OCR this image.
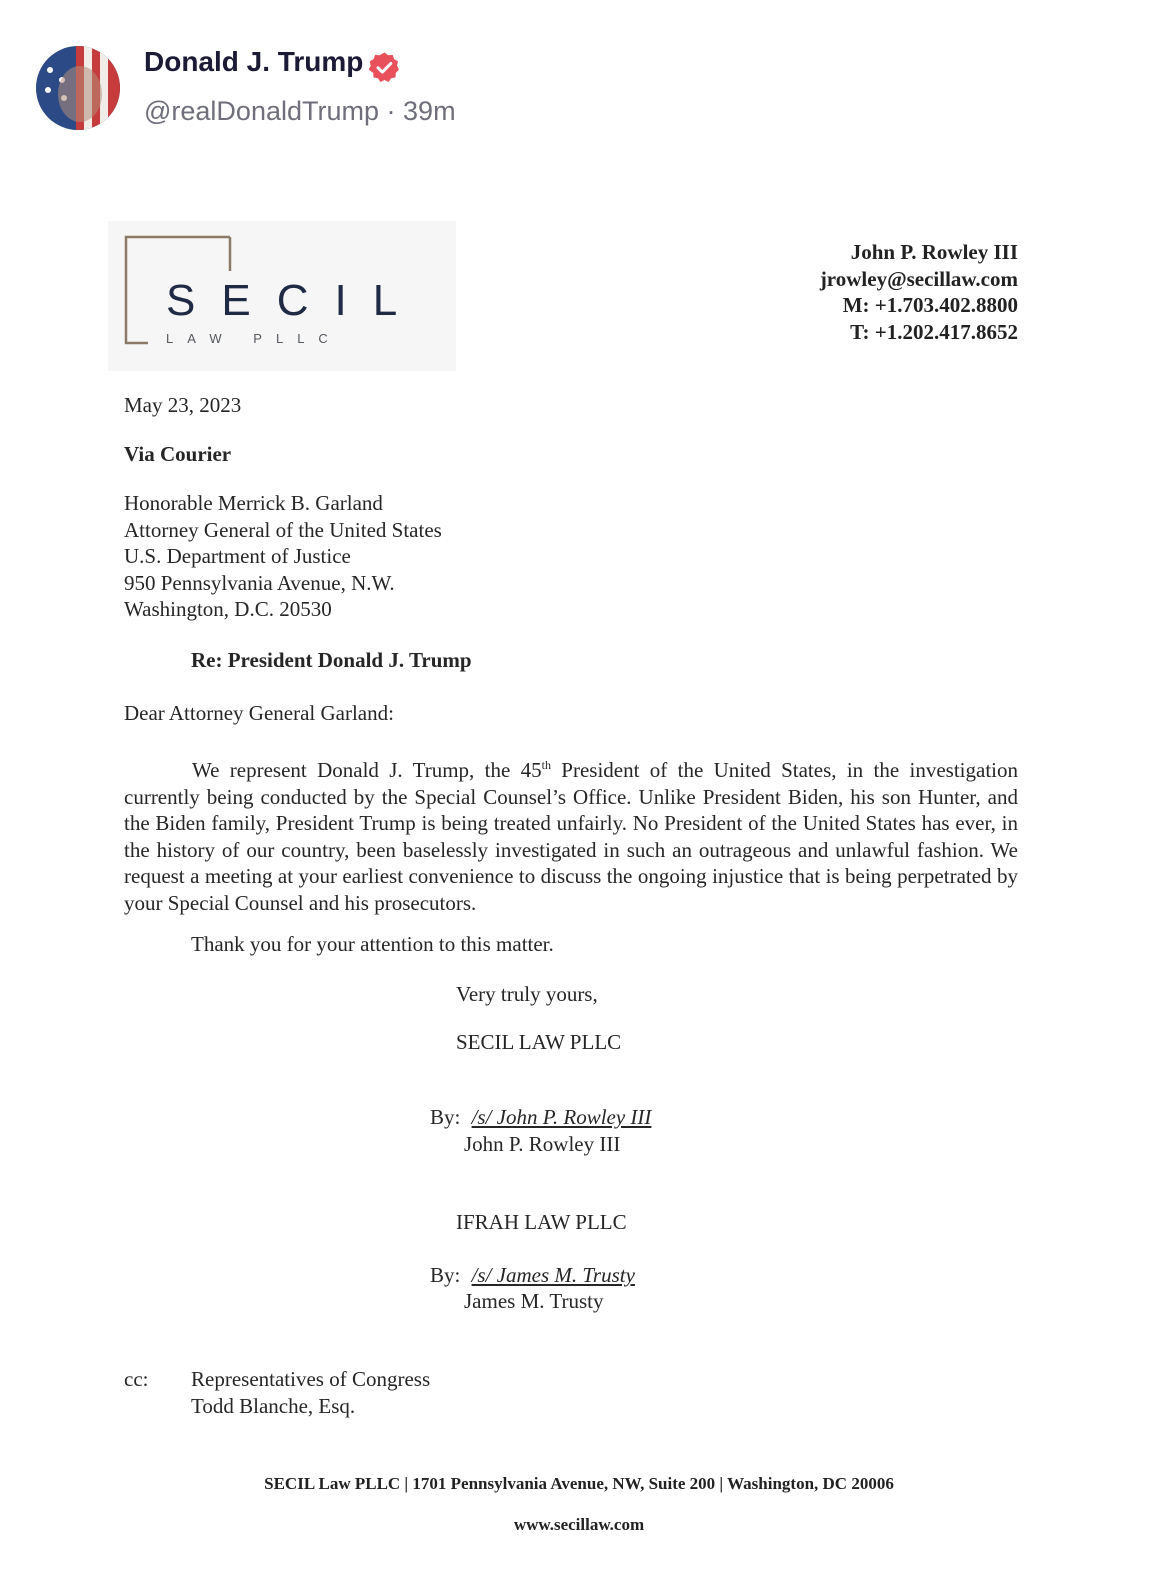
Donald J. Trump
@realDonaldTrump · 39m
SECIL
LAW PLLC
John P. Rowley III
jrowley@secillaw.com
M: +1.703.402.8800
T: +1.202.417.8652
May 23, 2023
Via Courier
Honorable Merrick B. Garland
Attorney General of the United States
U.S. Department of Justice
950 Pennsylvania Avenue, N.W.
Washington, D.C. 20530
Re: President Donald J. Trump
Dear Attorney General Garland:
We represent Donald J. Trump, the 45th President of the United States, in the investigation currently being conducted by the Special Counsel’s Office. Unlike President Biden, his son Hunter, and the Biden family, President Trump is being treated unfairly. No President of the United States has ever, in the history of our country, been baselessly investigated in such an outrageous and unlawful fashion. We request a meeting at your earliest convenience to discuss the ongoing injustice that is being perpetrated by your Special Counsel and his prosecutors.
Thank you for your attention to this matter.
Very truly yours,
SECIL LAW PLLC
By: /s/ John P. Rowley III
John P. Rowley III
IFRAH LAW PLLC
By: /s/ James M. Trusty
James M. Trusty
cc: Representatives of Congress
Todd Blanche, Esq.
SECIL Law PLLC | 1701 Pennsylvania Avenue, NW, Suite 200 | Washington, DC 20006
www.secillaw.com
